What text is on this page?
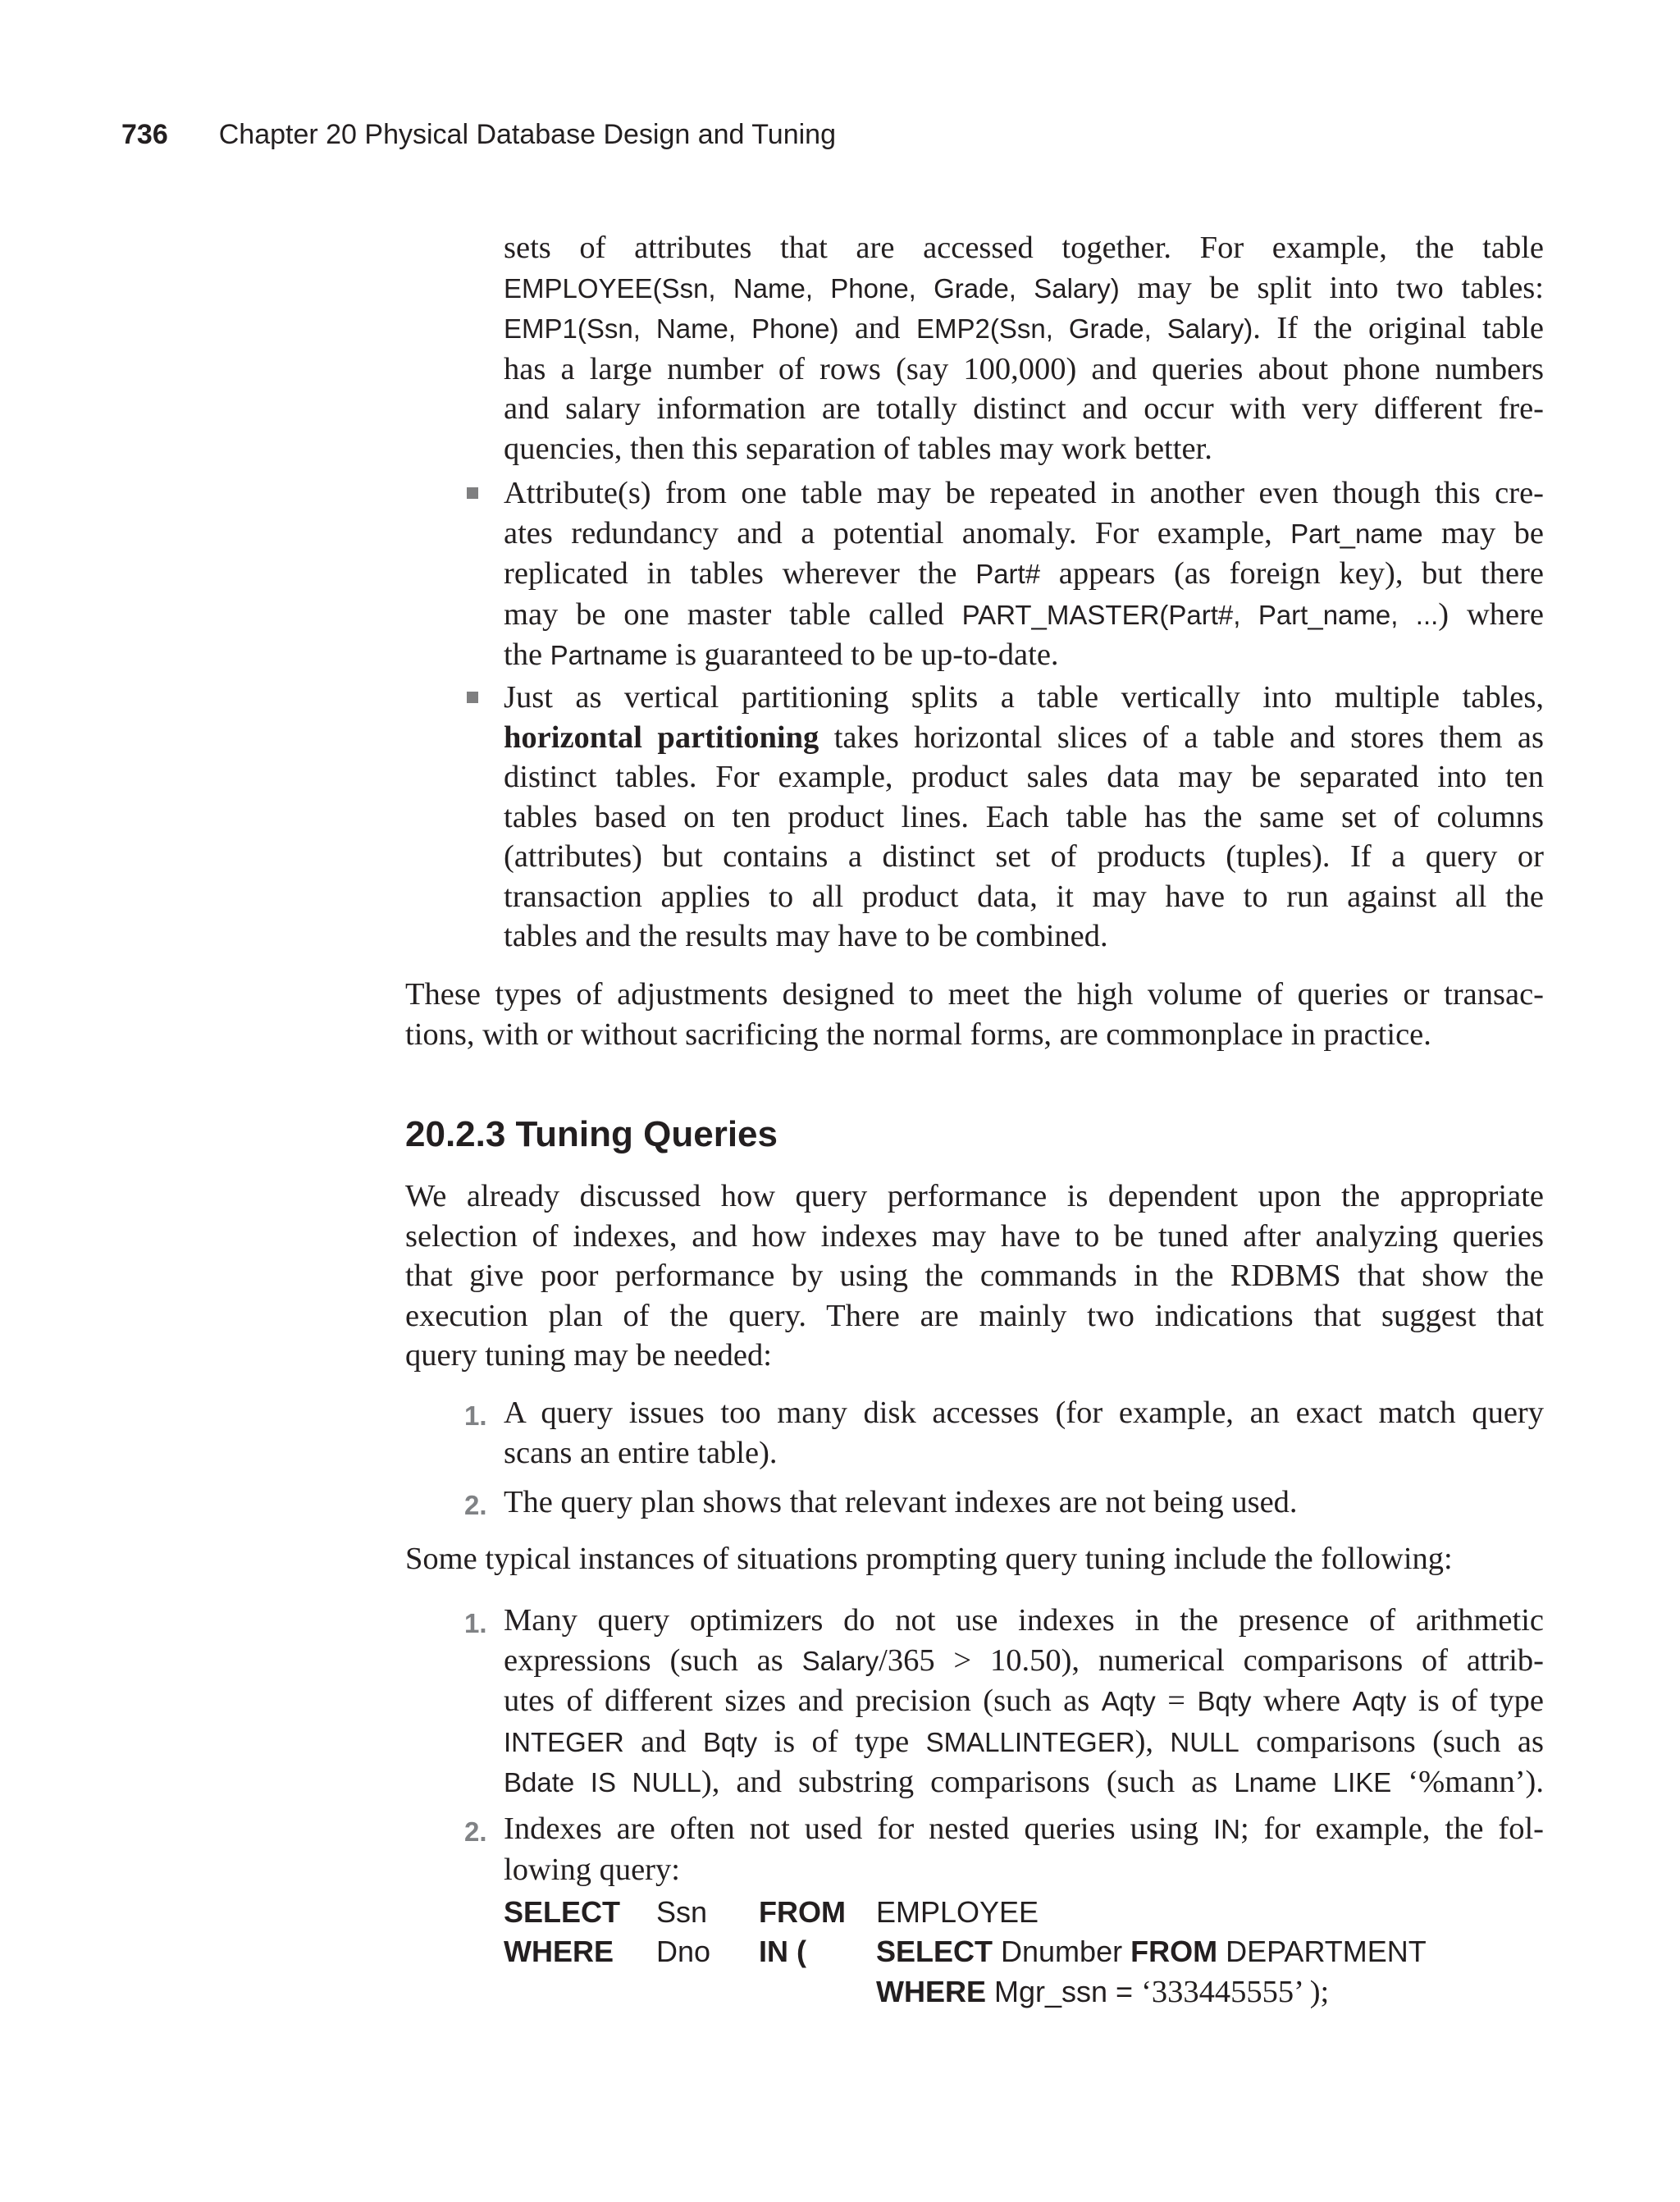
736 Chapter 20 Physical Database Design and Tuning

sets of attributes that are accessed together. For example, the table

EMPLOYEE(Ssn, Name, Phone, Grade, Salary) may be split into two tables:

EMP1(Ssn, Name, Phone) and EMP2(Ssn, Grade, Salary). If the original table

has a large number of rows (say 100,000) and queries about phone numbers

and salary information are totally distinct and occur with very different fre-

quencies, then this separation of tables may work better.

Attribute(s) from one table may be repeated in another even though this cre-

ates redundancy and a potential anomaly. For example, Part_name may be

replicated in tables wherever the Part# appears (as foreign key), but there

may be one master table called PART_MASTER(Part#, Part_name, ...) where

the Partname is guaranteed to be up-to-date.

Just as vertical partitioning splits a table vertically into multiple tables,

horizontal partitioning takes horizontal slices of a table and stores them as

distinct tables. For example, product sales data may be separated into ten

tables based on ten product lines. Each table has the same set of columns

(attributes) but contains a distinct set of products (tuples). If a query or

transaction applies to all product data, it may have to run against all the

tables and the results may have to be combined.

These types of adjustments designed to meet the high volume of queries or transac-

tions, with or without sacrificing the normal forms, are commonplace in practice.

20.2.3 Tuning Queries

We already discussed how query performance is dependent upon the appropriate

selection of indexes, and how indexes may have to be tuned after analyzing queries

that give poor performance by using the commands in the RDBMS that show the

execution plan of the query. There are mainly two indications that suggest that

query tuning may be needed:

1. A query issues too many disk accesses (for example, an exact match query

scans an entire table).

2. The query plan shows that relevant indexes are not being used.

Some typical instances of situations prompting query tuning include the following:

1. Many query optimizers do not use indexes in the presence of arithmetic

expressions (such as Salary/365 > 10.50), numerical comparisons of attrib-

utes of different sizes and precision (such as Aqty = Bqty where Aqty is of type

INTEGER and Bqty is of type SMALLINTEGER), NULL comparisons (such as

Bdate IS NULL), and substring comparisons (such as Lname LIKE ‘%mann’).

2. Indexes are often not used for nested queries using IN; for example, the fol-

lowing query:

SELECT Ssn FROM EMPLOYEE
WHERE Dno IN ( SELECT Dnumber FROM DEPARTMENT
WHERE Mgr_ssn = ‘333445555’ );
